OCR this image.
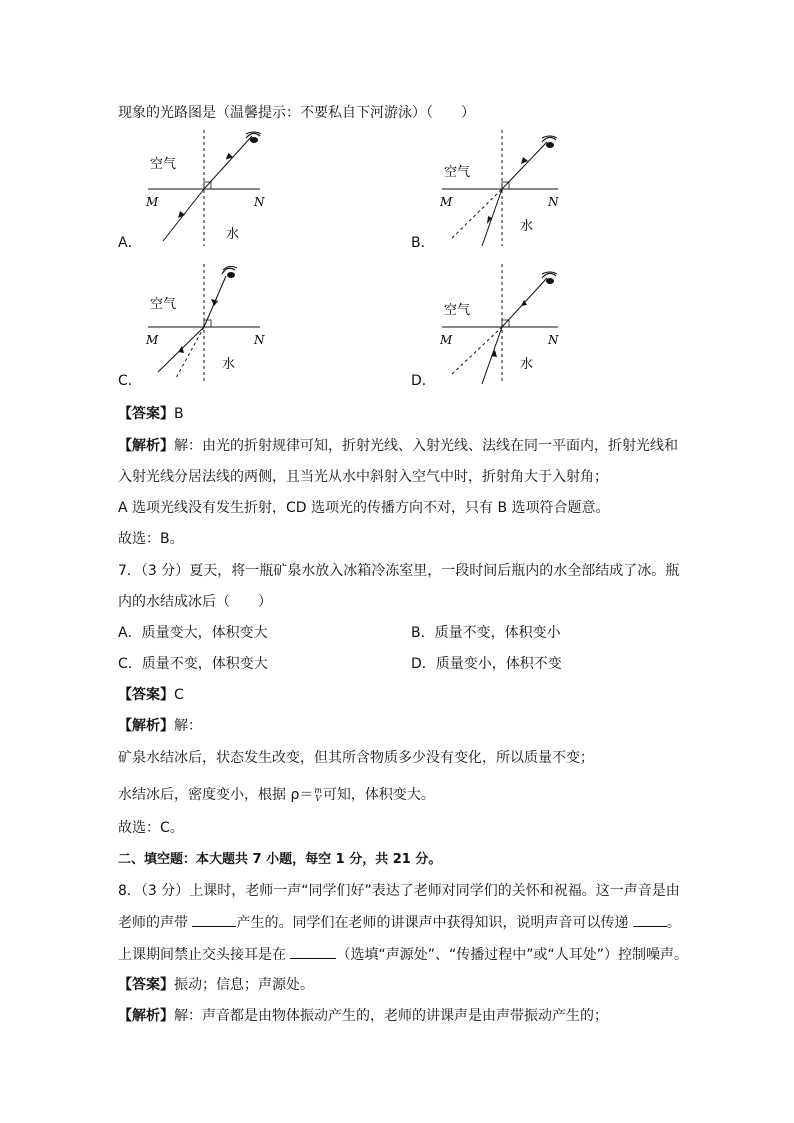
现象的光路图是（温馨提示：不要私自下河游泳）（　　）
A．
空气
M	N
水
B．
空气
M	N
水
C．
空气
M	N
水
D．
空气
M	N
水
【答案】B
【解析】解：由光的折射规律可知，折射光线、入射光线、法线在同一平面内，折射光线和
入射光线分居法线的两侧，且当光从水中斜射入空气中时，折射角大于入射角；
A 选项光线没有发生折射，CD 选项光的传播方向不对，只有 B 选项符合题意。
故选：B。
7．（3 分）夏天，将一瓶矿泉水放入冰箱冷冻室里，一段时间后瓶内的水全部结成了冰。瓶
内的水结成冰后（　　）
A．质量变大，体积变大	B．质量不变，体积变小
C．质量不变，体积变大	D．质量变小，体积不变
【答案】C
【解析】解：
矿泉水结冰后，状态发生改变，但其所含物质多少没有变化，所以质量不变；
水结冰后，密度变小，根据 ρ＝ m
V 可知，体积变大。
故选：C。
二、填空题：本大题共 7 小题，每空 1 分，共 21 分。
8．（3 分）上课时，老师一声“同学们好”表达了老师对同学们的关怀和祝福。这一声音是由
老师的声带	产生的。同学们在老师的讲课声中获得知识，说明声音可以传递 。
上课期间禁止交头接耳是在	（选填“声源处”、“传播过程中”或“人耳处”）控制噪声。
【答案】振动；信息；声源处。
【解析】解：声音都是由物体振动产生的，老师的讲课声是由声带振动产生的；
